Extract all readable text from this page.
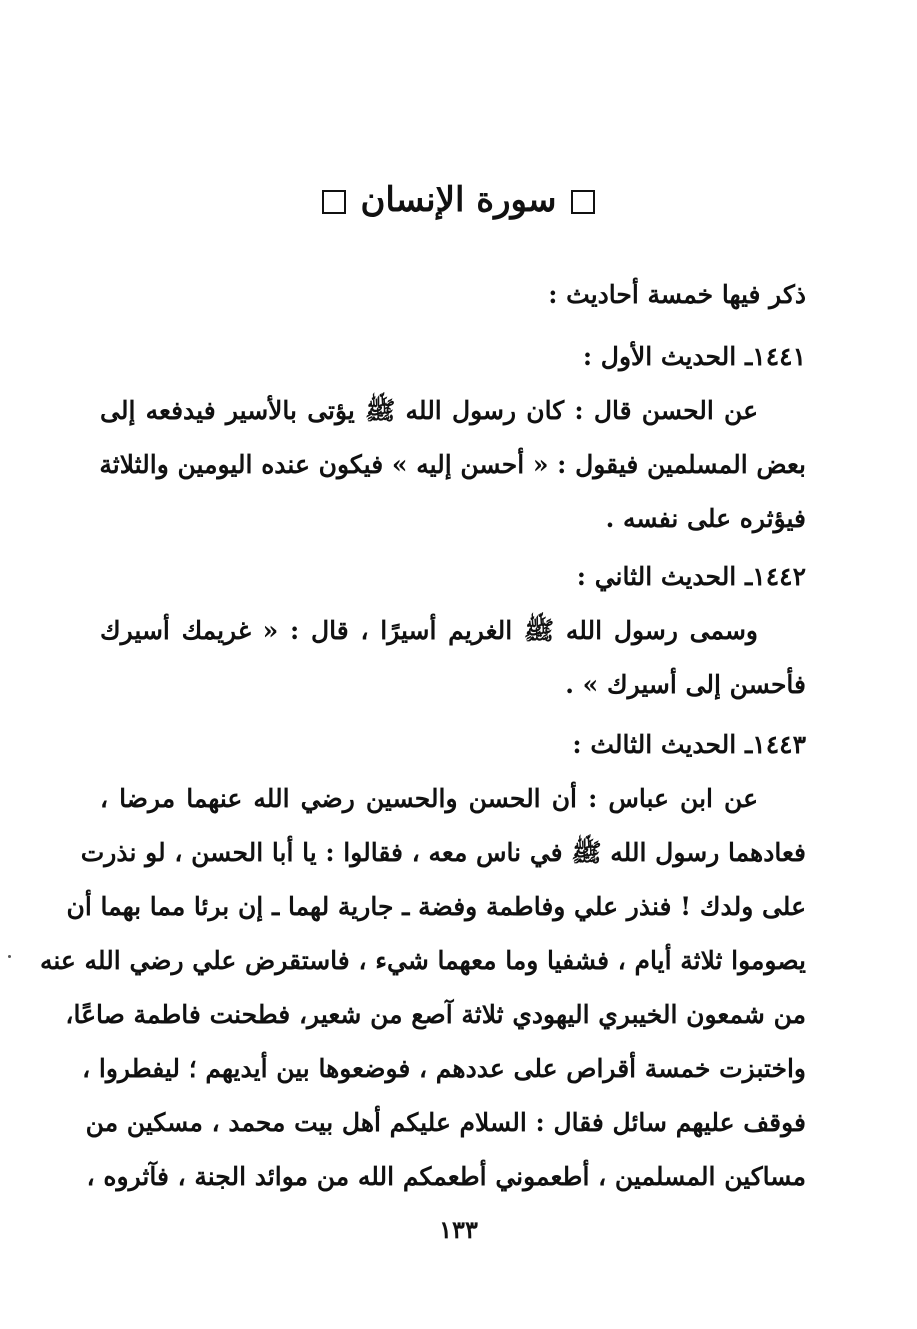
سورة الإنسان
ذكر فيها خمسة أحاديث :
١٤٤١ـ الحديث الأول :
عن الحسن قال : كان رسول الله ﷺ يؤتى بالأسير فيدفعه إلى
بعض المسلمين فيقول : « أحسن إليه » فيكون عنده اليومين والثلاثة
فيؤثره على نفسه .
١٤٤٢ـ الحديث الثاني :
وسمى رسول الله ﷺ الغريم أسيرًا ، قال : « غريمك أسيرك
فأحسن إلى أسيرك » .
١٤٤٣ـ الحديث الثالث :
عن ابن عباس : أن الحسن والحسين رضي الله عنهما مرضا ،
فعادهما رسول الله ﷺ في ناس معه ، فقالوا : يا أبا الحسن ، لو نذرت
على ولدك ! فنذر علي وفاطمة وفضة ـ جارية لهما ـ إن برئا مما بهما أن
يصوموا ثلاثة أيام ، فشفيا وما معهما شيء ، فاستقرض علي رضي الله عنه
من شمعون الخيبري اليهودي ثلاثة آصع من شعير، فطحنت فاطمة صاعًا،
واختبزت خمسة أقراص على عددهم ، فوضعوها بين أيديهم ؛ ليفطروا ،
فوقف عليهم سائل فقال : السلام عليكم أهل بيت محمد ، مسكين من
مساكين المسلمين ، أطعموني أطعمكم الله من موائد الجنة ، فآثروه ،
١٣٣
